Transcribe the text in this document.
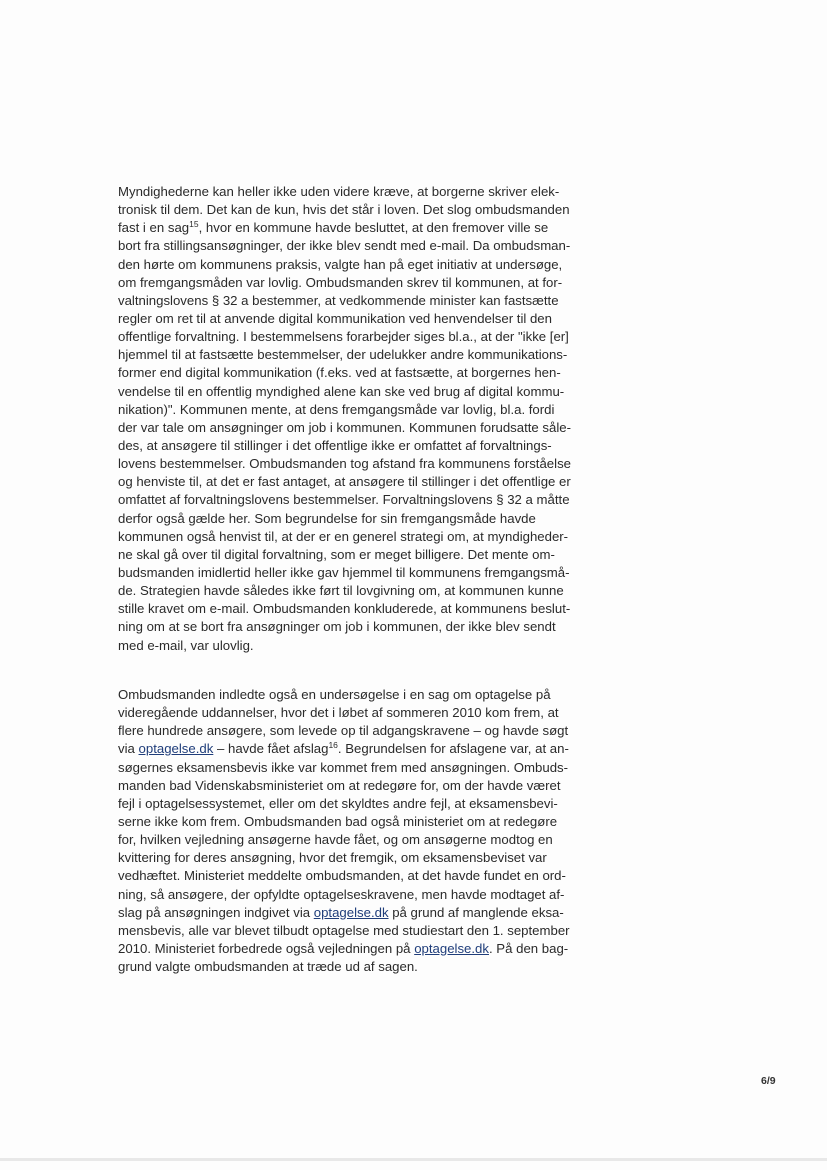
Myndighederne kan heller ikke uden videre kræve, at borgerne skriver elek-
tronisk til dem. Det kan de kun, hvis det står i loven. Det slog ombudsmanden
fast i en sag$^{15}$, hvor en kommune havde besluttet, at den fremover ville se
bort fra stillingsansøgninger, der ikke blev sendt med e-mail. Da ombudsman-
den hørte om kommunens praksis, valgte han på eget initiativ at undersøge,
om fremgangsmåden var lovlig. Ombudsmanden skrev til kommunen, at for-
valtningslovens § 32 a bestemmer, at vedkommende minister kan fastsætte
regler om ret til at anvende digital kommunikation ved henvendelser til den
offentlige forvaltning. I bestemmelsens forarbejder siges bl.a., at der "ikke [er]
hjemmel til at fastsætte bestemmelser, der udelukker andre kommunikations-
former end digital kommunikation (f.eks. ved at fastsætte, at borgernes hen-
vendelse til en offentlig myndighed alene kan ske ved brug af digital kommu-
nikation)". Kommunen mente, at dens fremgangsmåde var lovlig, bl.a. fordi
der var tale om ansøgninger om job i kommunen. Kommunen forudsatte såle-
des, at ansøgere til stillinger i det offentlige ikke er omfattet af forvaltnings-
lovens bestemmelser. Ombudsmanden tog afstand fra kommunens forståelse
og henviste til, at det er fast antaget, at ansøgere til stillinger i det offentlige er
omfattet af forvaltningslovens bestemmelser. Forvaltningslovens § 32 a måtte
derfor også gælde her. Som begrundelse for sin fremgangsmåde havde
kommunen også henvist til, at der er en generel strategi om, at myndigheder-
ne skal gå over til digital forvaltning, som er meget billigere. Det mente om-
budsmanden imidlertid heller ikke gav hjemmel til kommunens fremgangsmå-
de. Strategien havde således ikke ført til lovgivning om, at kommunen kunne
stille kravet om e-mail. Ombudsmanden konkluderede, at kommunens beslut-
ning om at se bort fra ansøgninger om job i kommunen, der ikke blev sendt
med e-mail, var ulovlig.
Ombudsmanden indledte også en undersøgelse i en sag om optagelse på
videregående uddannelser, hvor det i løbet af sommeren 2010 kom frem, at
flere hundrede ansøgere, som levede op til adgangskravene – og havde søgt
via optagelse.dk – havde fået afslag$^{16}$. Begrundelsen for afslagene var, at an-
søgernes eksamensbevis ikke var kommet frem med ansøgningen. Ombuds-
manden bad Videnskabsministeriet om at redegøre for, om der havde været
fejl i optagelsessystemet, eller om det skyldtes andre fejl, at eksamensbevi-
serne ikke kom frem. Ombudsmanden bad også ministeriet om at redegøre
for, hvilken vejledning ansøgerne havde fået, og om ansøgerne modtog en
kvittering for deres ansøgning, hvor det fremgik, om eksamensbeviset var
vedhæftet. Ministeriet meddelte ombudsmanden, at det havde fundet en ord-
ning, så ansøgere, der opfyldte optagelseskravene, men havde modtaget af-
slag på ansøgningen indgivet via optagelse.dk på grund af manglende eksa-
mensbevis, alle var blevet tilbudt optagelse med studiestart den 1. september
2010. Ministeriet forbedrede også vejledningen på optagelse.dk. På den bag-
grund valgte ombudsmanden at træde ud af sagen.
6/9
